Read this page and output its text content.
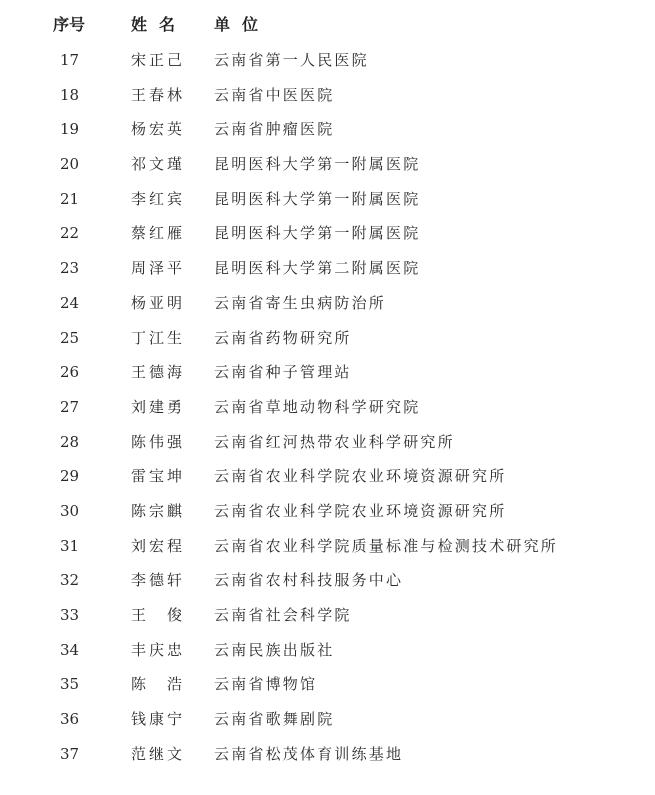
序号	姓名 单位
17	宋正己 云南省第一人民医院
18	王春林 云南省中医医院
19	杨宏英 云南省肿瘤医院
20	祁文瑾 昆明医科大学第一附属医院
21	李红宾 昆明医科大学第一附属医院
22	蔡红雁 昆明医科大学第一附属医院
23	周泽平 昆明医科大学第二附属医院
24	杨亚明 云南省寄生虫病防治所
25	丁江生 云南省药物研究所
26	王德海 云南省种子管理站
27	刘建勇 云南省草地动物科学研究院
28	陈伟强 云南省红河热带农业科学研究所
29	雷宝坤 云南省农业科学院农业环境资源研究所
30	陈宗麒 云南省农业科学院农业环境资源研究所
31	刘宏程 云南省农业科学院质量标准与检测技术研究所
32	李德轩 云南省农村科技服务中心
33	王　俊 云南省社会科学院
34	丰庆忠 云南民族出版社
35	陈　浩 云南省博物馆
36	钱康宁 云南省歌舞剧院
37	范继文 云南省松茂体育训练基地
